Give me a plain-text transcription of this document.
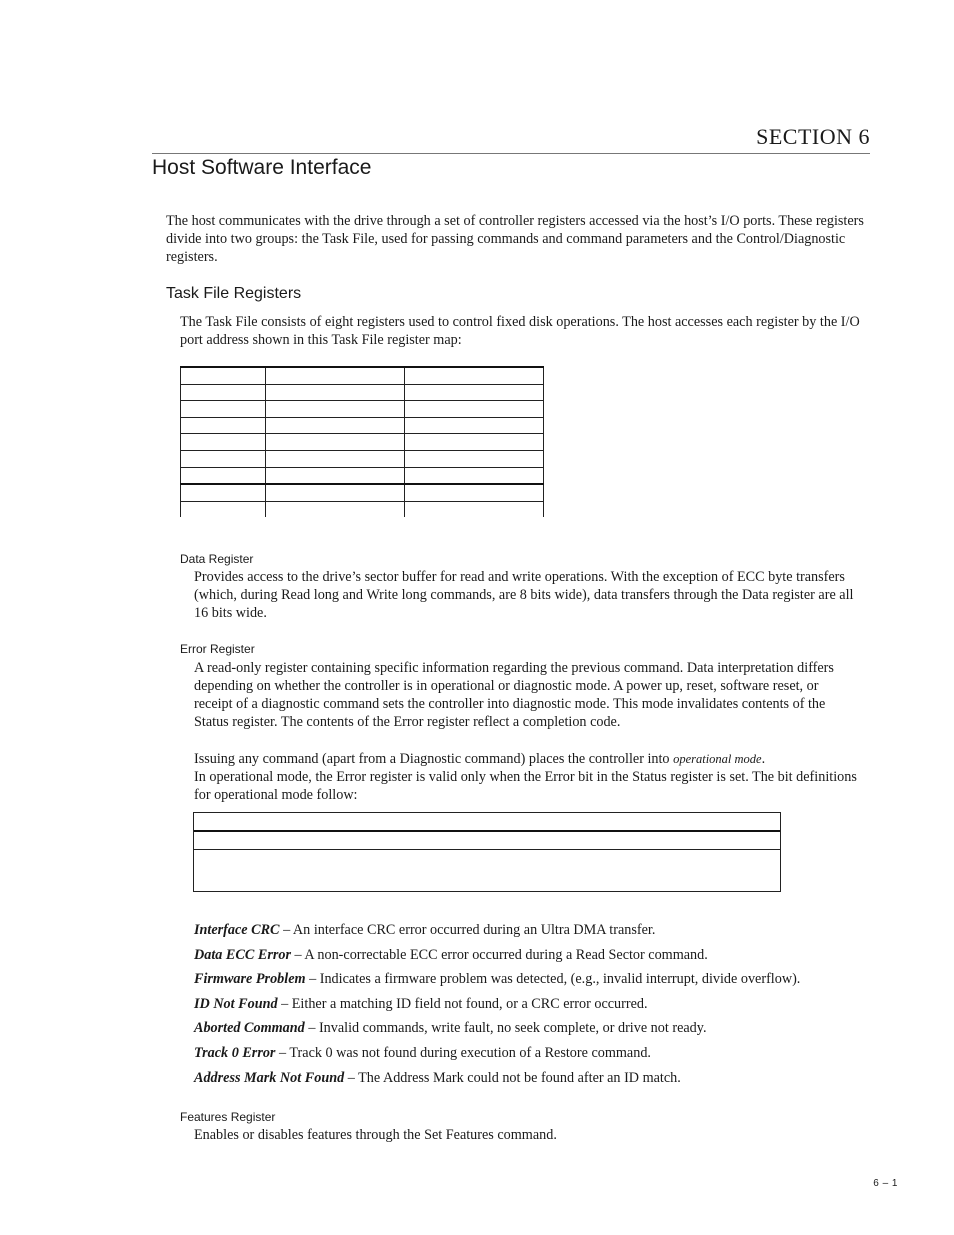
SECTION 6
Host Software Interface

The host communicates with the drive through a set of controller registers accessed via the host’s I/O ports. These registers divide into two groups: the Task File, used for passing commands and command parameters and the Control/Diagnostic registers.

Task File Registers

The Task File consists of eight registers used to control fixed disk operations. The host accesses each register by the I/O port address shown in this Task File register map:

Data Register

Provides access to the drive’s sector buffer for read and write operations. With the exception of ECC byte transfers (which, during Read long and Write long commands, are 8 bits wide), data transfers through the Data register are all 16 bits wide.

Error Register

A read-only register containing specific information regarding the previous command. Data interpretation differs depending on whether the controller is in operational or diagnostic mode. A power up, reset, software reset, or receipt of a diagnostic command sets the controller into diagnostic mode. This mode invalidates contents of the Status register. The contents of the Error register reflect a completion code.

Issuing any command (apart from a Diagnostic command) places the controller into operational mode.
In operational mode, the Error register is valid only when the Error bit in the Status register is set. The bit definitions for operational mode follow:
Interface CRC – An interface CRC error occurred during an Ultra DMA transfer.
Data ECC Error – A non-correctable ECC error occurred during a Read Sector command.
Firmware Problem – Indicates a firmware problem was detected, (e.g., invalid interrupt, divide overflow).
ID Not Found – Either a matching ID field not found, or a CRC error occurred.
Aborted Command – Invalid commands, write fault, no seek complete, or drive not ready.
Track 0 Error – Track 0 was not found during execution of a Restore command.
Address Mark Not Found – The Address Mark could not be found after an ID match.
Features Register

Enables or disables features through the Set Features command.

6 – 1
